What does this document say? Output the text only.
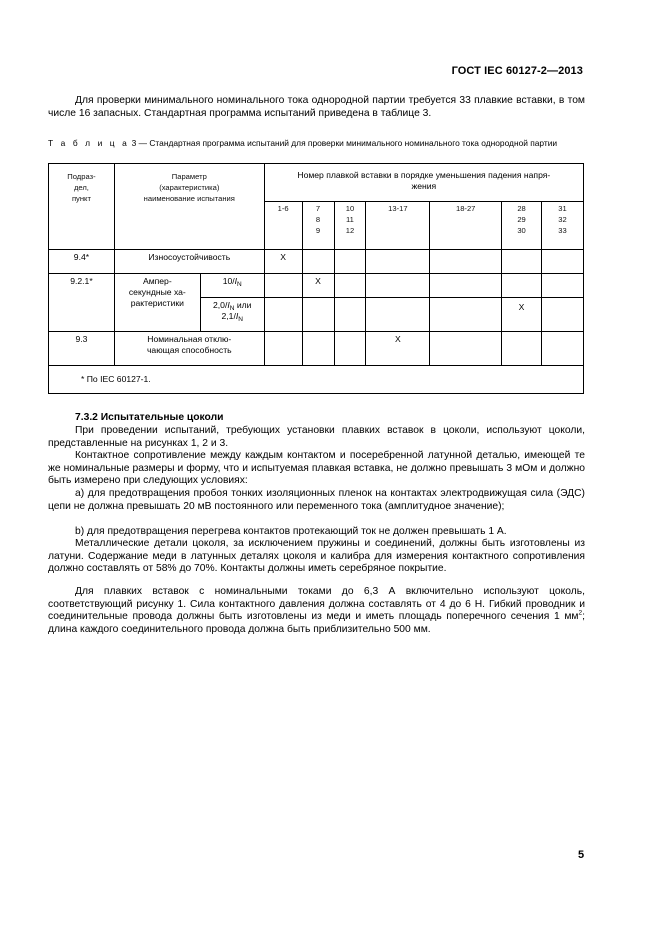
ГОСТ IEC 60127-2—2013

Для проверки минимального номинального тока однородной партии требуется 33 плавкие вставки, в том числе 16 запасных. Стандартная программа испытаний приведена в таблице 3.

Т а б л и ц а 3 — Стандартная программа испытаний для проверки минимального номинального тока однородной партии

Подраз-
дел,
пункт	Параметр
(характеристика)
наименование испытания		Номер плавкой вставки в порядке уменьшения падения напря-
жения						
			1-6	7
8
9	10
11
12	13-17	18-27	28
29
30	31
32
33
9.4*	Износоустойчивость		X						
9.2.1*	Ампер-
секундные ха-
рактеристики	$10/I_N$		X					
		$2,0/I_N$ или
$2,1/I_N$						X	
9.3	Номинальная отклю-
чающая способность					X			
* По IEC 60127-1.									

7.3.2 Испытательные цоколи

При проведении испытаний, требующих установки плавких вставок в цоколи, используют цоколи, представленные на рисунках 1, 2 и 3.

Контактное сопротивление между каждым контактом и посеребренной латунной деталью, имеющей те же номинальные размеры и форму, что и испытуемая плавкая вставка, не должно превышать 3 мОм и должно быть измерено при следующих условиях:

а) для предотвращения пробоя тонких изоляционных пленок на контактах электродвижущая сила (ЭДС) цепи не должна превышать 20 мВ постоянного или переменного тока (амплитудное значение);

b) для предотвращения перегрева контактов протекающий ток не должен превышать 1 А.

Металлические детали цоколя, за исключением пружины и соединений, должны быть изготовлены из латуни. Содержание меди в латунных деталях цоколя и калибра для измерения контактного сопротивления должно составлять от 58% до 70%. Контакты должны иметь серебряное покрытие.

Для плавких вставок с номинальными токами до 6,3 А включительно используют цоколь, соответствующий рисунку 1. Сила контактного давления должна составлять от 4 до 6 Н. Гибкий проводник и соединительные провода должны быть изготовлены из меди и иметь площадь поперечного сечения 1 $мм^2$; длина каждого соединительного провода должна быть приблизительно 500 мм.

5
